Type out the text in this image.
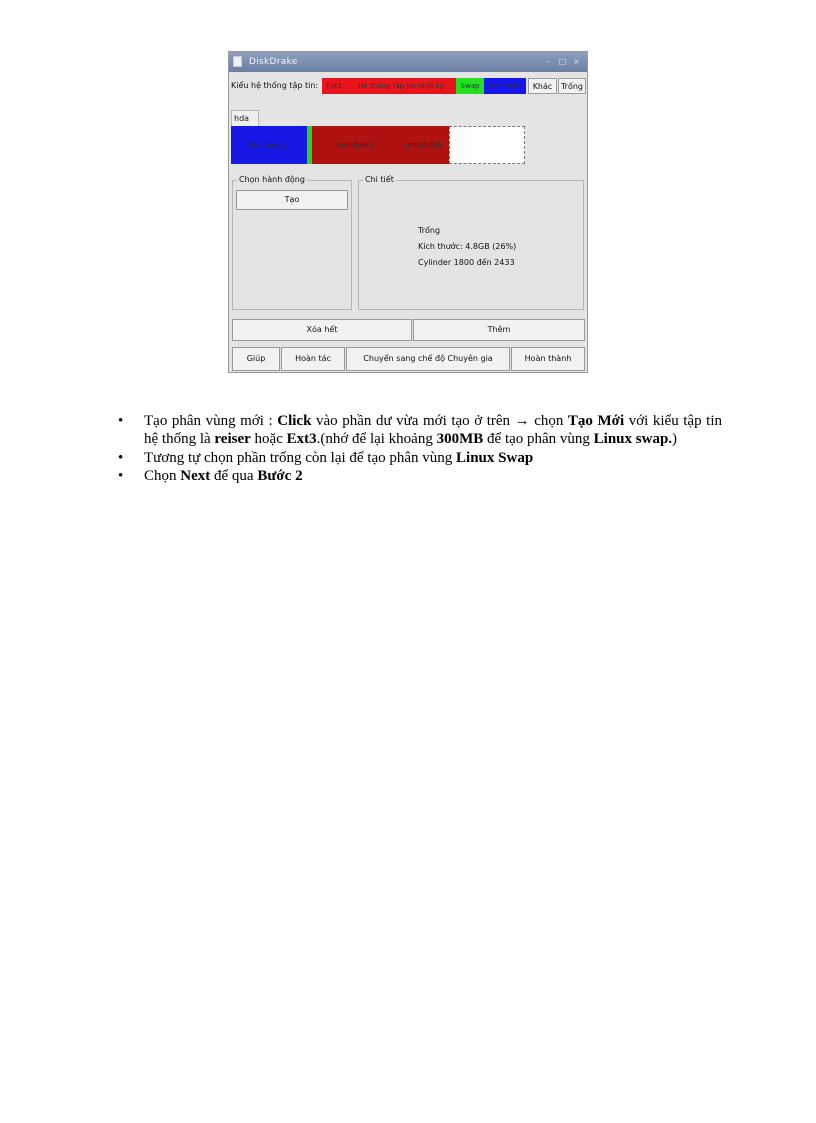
DiskDrake	–	□ ×
Kiểu hệ thống tập tin:	Ext3	Hệ thống tập tin nhật ký	Swap	Windows	Khác	Trống
hda
Windows_p	/mnt/hda0	/mnt/hda5
Chọn hành động
Tạo
Chi tiết
Trống
Kích thước: 4.8GB (26%)
Cylinder 1800 đến 2433
Xóa hết	Thêm
Giúp	Hoàn tác	Chuyển sang chế độ Chuyên gia	Hoàn thành
• Tạo phân vùng mới : Click vào phần dư vừa mới tạo ở trên → chọn Tạo Mới với kiểu tập tin hệ thống là reiser hoặc Ext3.(nhớ để lại khoảng 300MB để tạo phân vùng Linux swap.)
• Tương tự chọn phần trống còn lại để tạo phân vùng Linux Swap
• Chọn Next để qua Bước 2
